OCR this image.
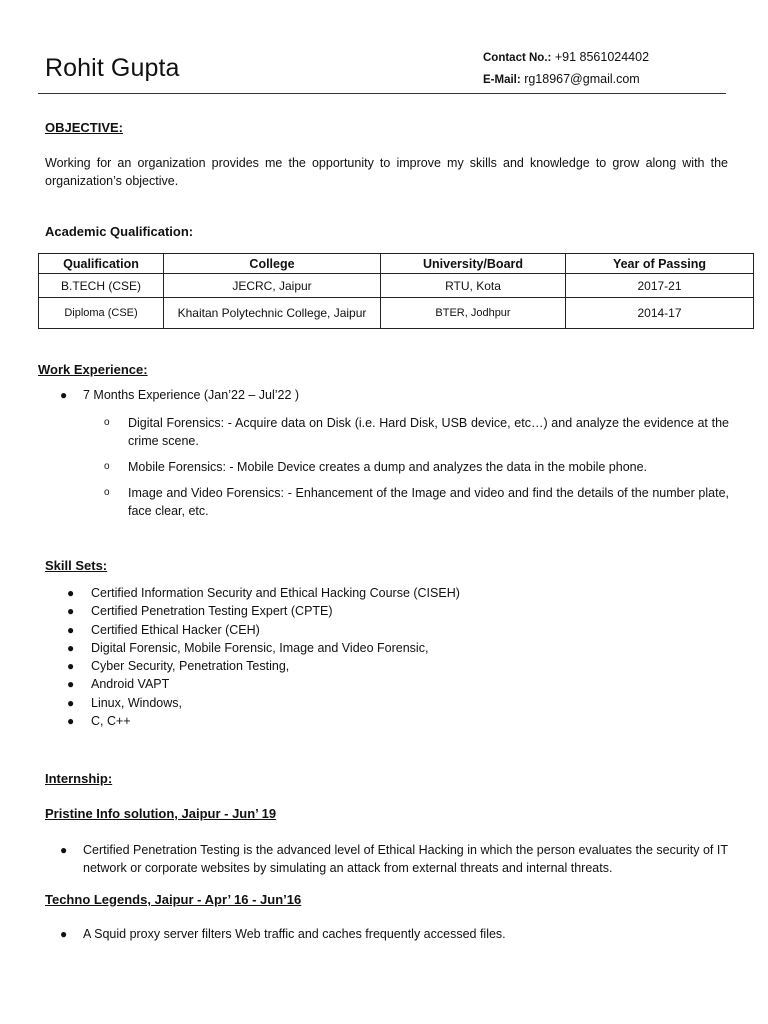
Rohit Gupta	Contact No.: +91 8561024402
E-Mail: rg18967@gmail.com
OBJECTIVE:
Working for an organization provides me the opportunity to improve my skills and knowledge to grow along with the organization’s objective.
Academic Qualification:
Qualification	College	University/Board	Year of Passing
B.TECH (CSE)	JECRC, Jaipur	RTU, Kota	2017-21
Diploma (CSE)	Khaitan Polytechnic College, Jaipur	BTER, Jodhpur	2014-17
Work Experience:
● 7 Months Experience (Jan’22 – Jul’22 )
o Digital Forensics: - Acquire data on Disk (i.e. Hard Disk, USB device, etc…) and analyze the evidence at the crime scene.
o Mobile Forensics: - Mobile Device creates a dump and analyzes the data in the mobile phone.
o Image and Video Forensics: - Enhancement of the Image and video and find the details of the number plate, face clear, etc.
Skill Sets:
● Certified Information Security and Ethical Hacking Course (CISEH)
● Certified Penetration Testing Expert (CPTE)
● Certified Ethical Hacker (CEH)
● Digital Forensic, Mobile Forensic, Image and Video Forensic,
● Cyber Security, Penetration Testing,
● Android VAPT
● Linux, Windows,
● C, C++
Internship:
Pristine Info solution, Jaipur - Jun’ 19
● Certified Penetration Testing is the advanced level of Ethical Hacking in which the person evaluates the security of IT network or corporate websites by simulating an attack from external threats and internal threats.
Techno Legends, Jaipur - Apr’ 16 - Jun’16
● A Squid proxy server filters Web traffic and caches frequently accessed files.
